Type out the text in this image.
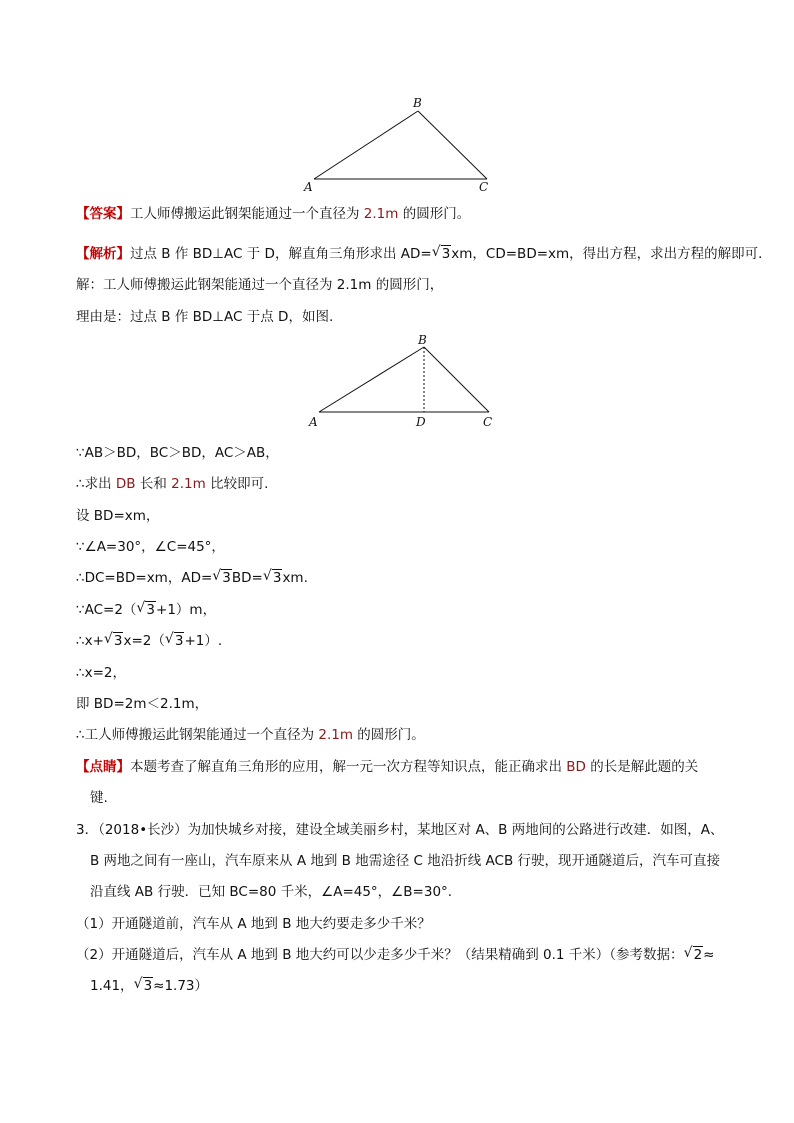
B
A	C
【答案】工人师傅搬运此钢架能通过一个直径为 2.1m 的圆形门。
【解析】过点 B 作 BD⊥AC 于 D，解直角三角形求出 AD= √ 3xm，CD=BD=xm，得出方程，求出方程的解即可．
解：工人师傅搬运此钢架能通过一个直径为 2.1m 的圆形门，
理由是：过点 B 作 BD⊥AC 于点 D，如图.
B
A	D	C
∵AB＞BD，BC＞BD，AC＞AB，
∴求出 DB 长和 2.1m 比较即可.
设 BD=xm，
∵∠A=30°，∠C=45°，
∴DC=BD=xm，AD= √ 3BD= √ 3xm.
∵AC=2（ √ 3+1）m，
∴x+ √ 3x=2（ √ 3+1）.
∴x=2，
即 BD=2m＜2.1m，
∴工人师傅搬运此钢架能通过一个直径为 2.1m 的圆形门。
【点睛】本题考查了解直角三角形的应用，解一元一次方程等知识点，能正确求出 BD 的长是解此题的关
键.
3．（2018•长沙）为加快城乡对接，建设全域美丽乡村，某地区对 A、B 两地间的公路进行改建．如图，A、
B 两地之间有一座山，汽车原来从 A 地到 B 地需途径 C 地沿折线 ACB 行驶，现开通隧道后，汽车可直接
沿直线 AB 行驶．已知 BC=80 千米，∠A=45°，∠B=30°.
（1）开通隧道前，汽车从 A 地到 B 地大约要走多少千米？
（2）开通隧道后，汽车从 A 地到 B 地大约可以少走多少千米？（结果精确到 0.1 千米）（参考数据： √ 2≈
1.41， √ 3≈1.73）
